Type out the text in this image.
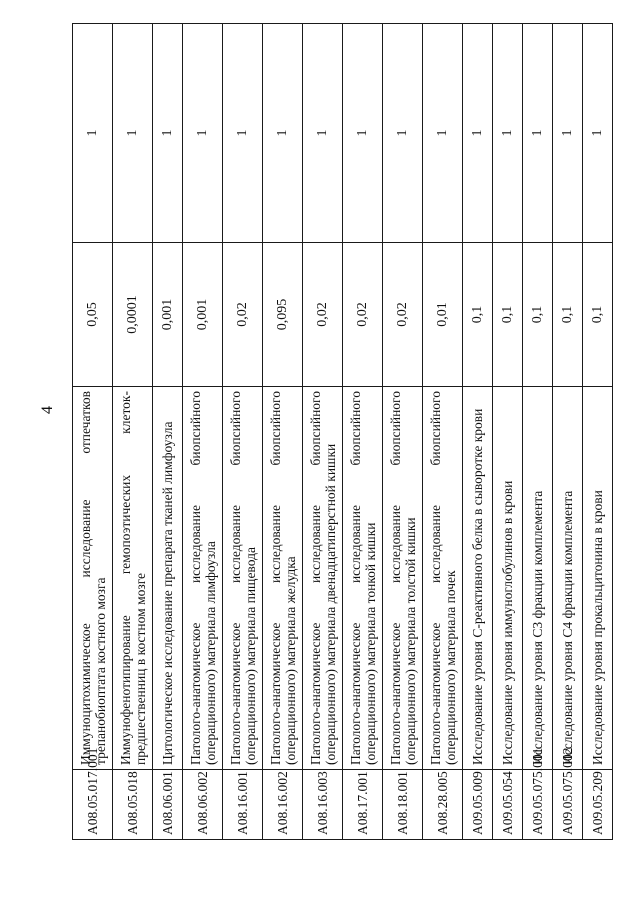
4
A08.05.017.001	Иммуноцитохимическое исследование отпечатков трепанобиоптата костного мозга	0,05	1
A08.05.018	Иммунофенотипирование гемопоэтических клеток- предшественниц в костном мозге	0,0001	1
A08.06.001	Цитологическое исследование препарата тканей лимфоузла	0,001	1
A08.06.002	Патолого-анатомическое исследование биопсийного (операционного) материала лимфоузла	0,001	1
A08.16.001	Патолого-анатомическое исследование биопсийного (операционного) материала пищевода	0,02	1
A08.16.002	Патолого-анатомическое исследование биопсийного (операционного) материала желудка	0,095	1
A08.16.003	Патолого-анатомическое исследование биопсийного (операционного) материала двенадцатиперстной кишки	0,02	1
A08.17.001	Патолого-анатомическое исследование биопсийного (операционного) материала тонкой кишки	0,02	1
A08.18.001	Патолого-анатомическое исследование биопсийного (операционного) материала толстой кишки	0,02	1
A08.28.005	Патолого-анатомическое исследование биопсийного (операционного) материала почек	0,01	1
A09.05.009	Исследование уровня С-реактивного белка в сыворотке крови	0,1	1
A09.05.054	Исследование уровня иммуноглобулинов в крови	0,1	1
A09.05.075.001	Исследование уровня С3 фракции комплемента	0,1	1
A09.05.075.002	Исследование уровня С4 фракции комплемента	0,1	1
A09.05.209	Исследование уровня прокальцитонина в крови	0,1	1
